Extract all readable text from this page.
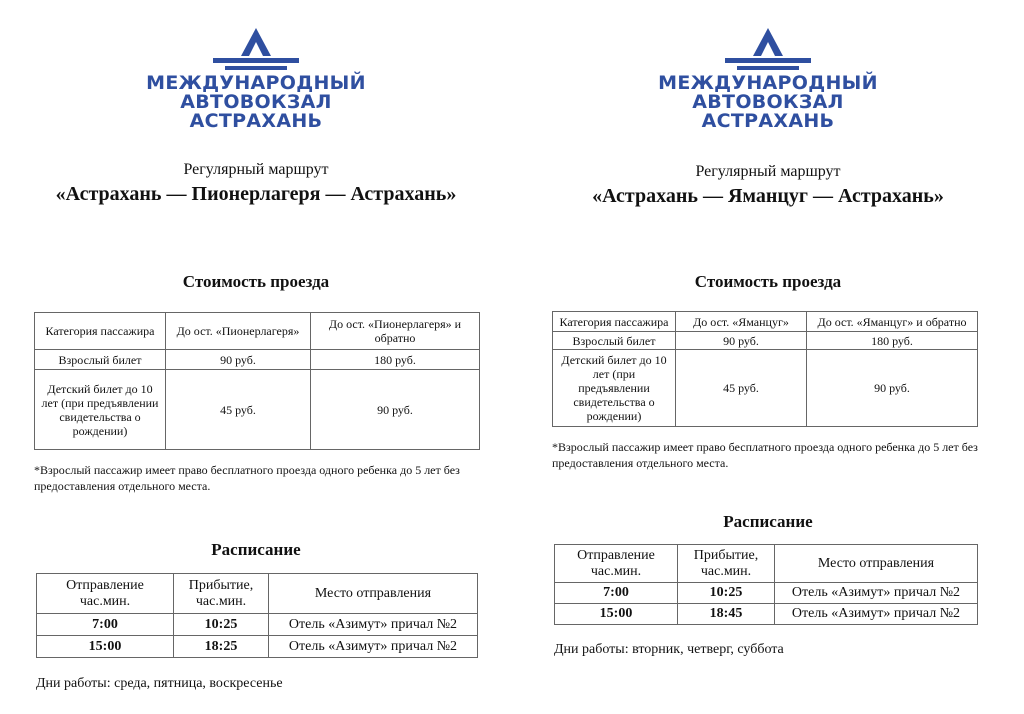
МЕЖДУНАРОДНЫЙ
АВТОВОКЗАЛ
АСТРАХАНЬ
Регулярный маршрут
«Астрахань — Пионерлагеря — Астрахань»
Стоимость проезда
Категория пассажира	До ост. «Пионерлагеря»	До ост. «Пионерлагеря» и обратно
Взрослый билет	90 руб.	180 руб.
Детский билет до 10 лет (при предъявлении свидетельства о рождении)	45 руб.	90 руб.
*Взрослый пассажир имеет право бесплатного проезда одного ребенка до 5 лет без предоставления отдельного места.
Расписание
Отправление час.мин.	Прибытие, час.мин.	Место отправления
7:00	10:25	Отель «Азимут» причал №2
15:00	18:25	Отель «Азимут» причал №2
Дни работы: среда, пятница, воскресенье
МЕЖДУНАРОДНЫЙ
АВТОВОКЗАЛ
АСТРАХАНЬ
Регулярный маршрут
«Астрахань — Яманцуг — Астрахань»
Стоимость проезда
Категория пассажира	До ост. «Яманцуг»	До ост. «Яманцуг» и обратно
Взрослый билет	90 руб.	180 руб.
Детский билет до 10 лет (при предъявлении свидетельства о рождении)	45 руб.	90 руб.
*Взрослый пассажир имеет право бесплатного проезда одного ребенка до 5 лет без предоставления отдельного места.
Расписание
Отправление час.мин.	Прибытие, час.мин.	Место отправления
7:00	10:25	Отель «Азимут» причал №2
15:00	18:45	Отель «Азимут» причал №2
Дни работы: вторник, четверг, суббота
